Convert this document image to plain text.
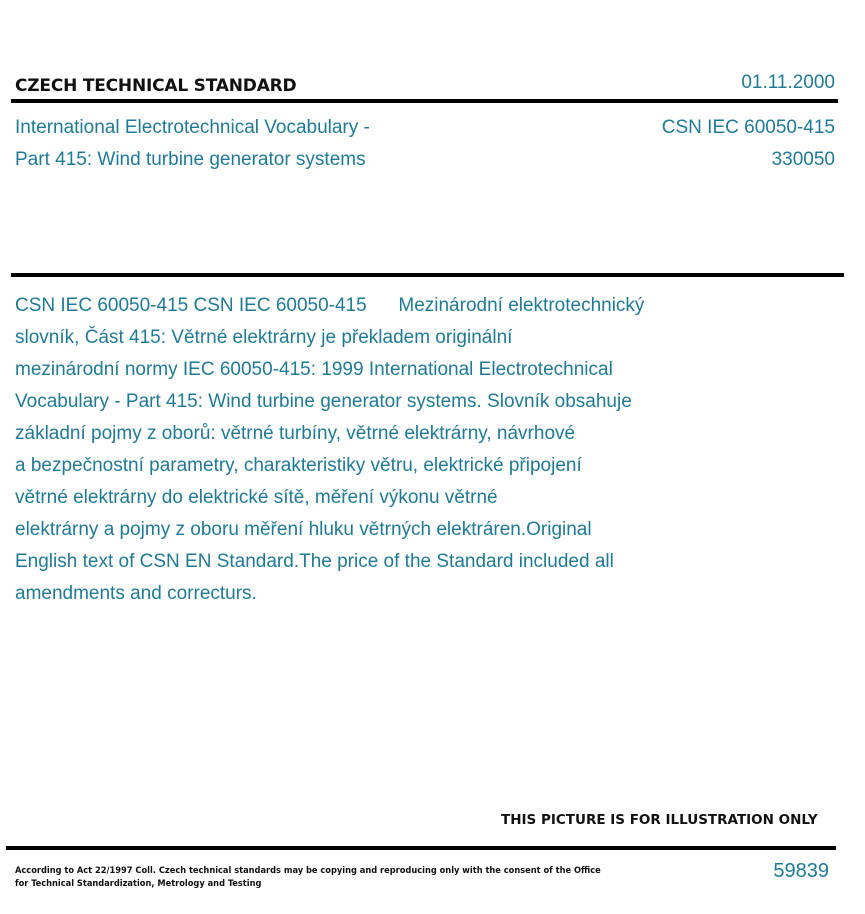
CZECH TECHNICAL STANDARD	01.11.2000
International Electrotechnical Vocabulary -
Part 415: Wind turbine generator systems
CSN IEC 60050-415
330050
CSN IEC 60050-415 CSN IEC 60050-415      Mezinárodní elektrotechnický
slovník, Část 415: Větrné elektrárny je překladem originální
mezinárodní normy IEC 60050-415: 1999 International Electrotechnical
Vocabulary - Part 415: Wind turbine generator systems. Slovník obsahuje
základní pojmy z oborů: větrné turbíny, větrné elektrárny, návrhové
a bezpečnostní parametry, charakteristiky větru, elektrické připojení
větrné elektrárny do elektrické sítě, měření výkonu větrné
elektrárny a pojmy z oboru měření hluku větrných elektráren.Original
English text of CSN EN Standard.The price of the Standard included all
amendments and correcturs.
THIS PICTURE IS FOR ILLUSTRATION ONLY
According to Act 22/1997 Coll. Czech technical standards may be copying and reproducing only with the consent of the Office
for Technical Standardization, Metrology and Testing
59839
